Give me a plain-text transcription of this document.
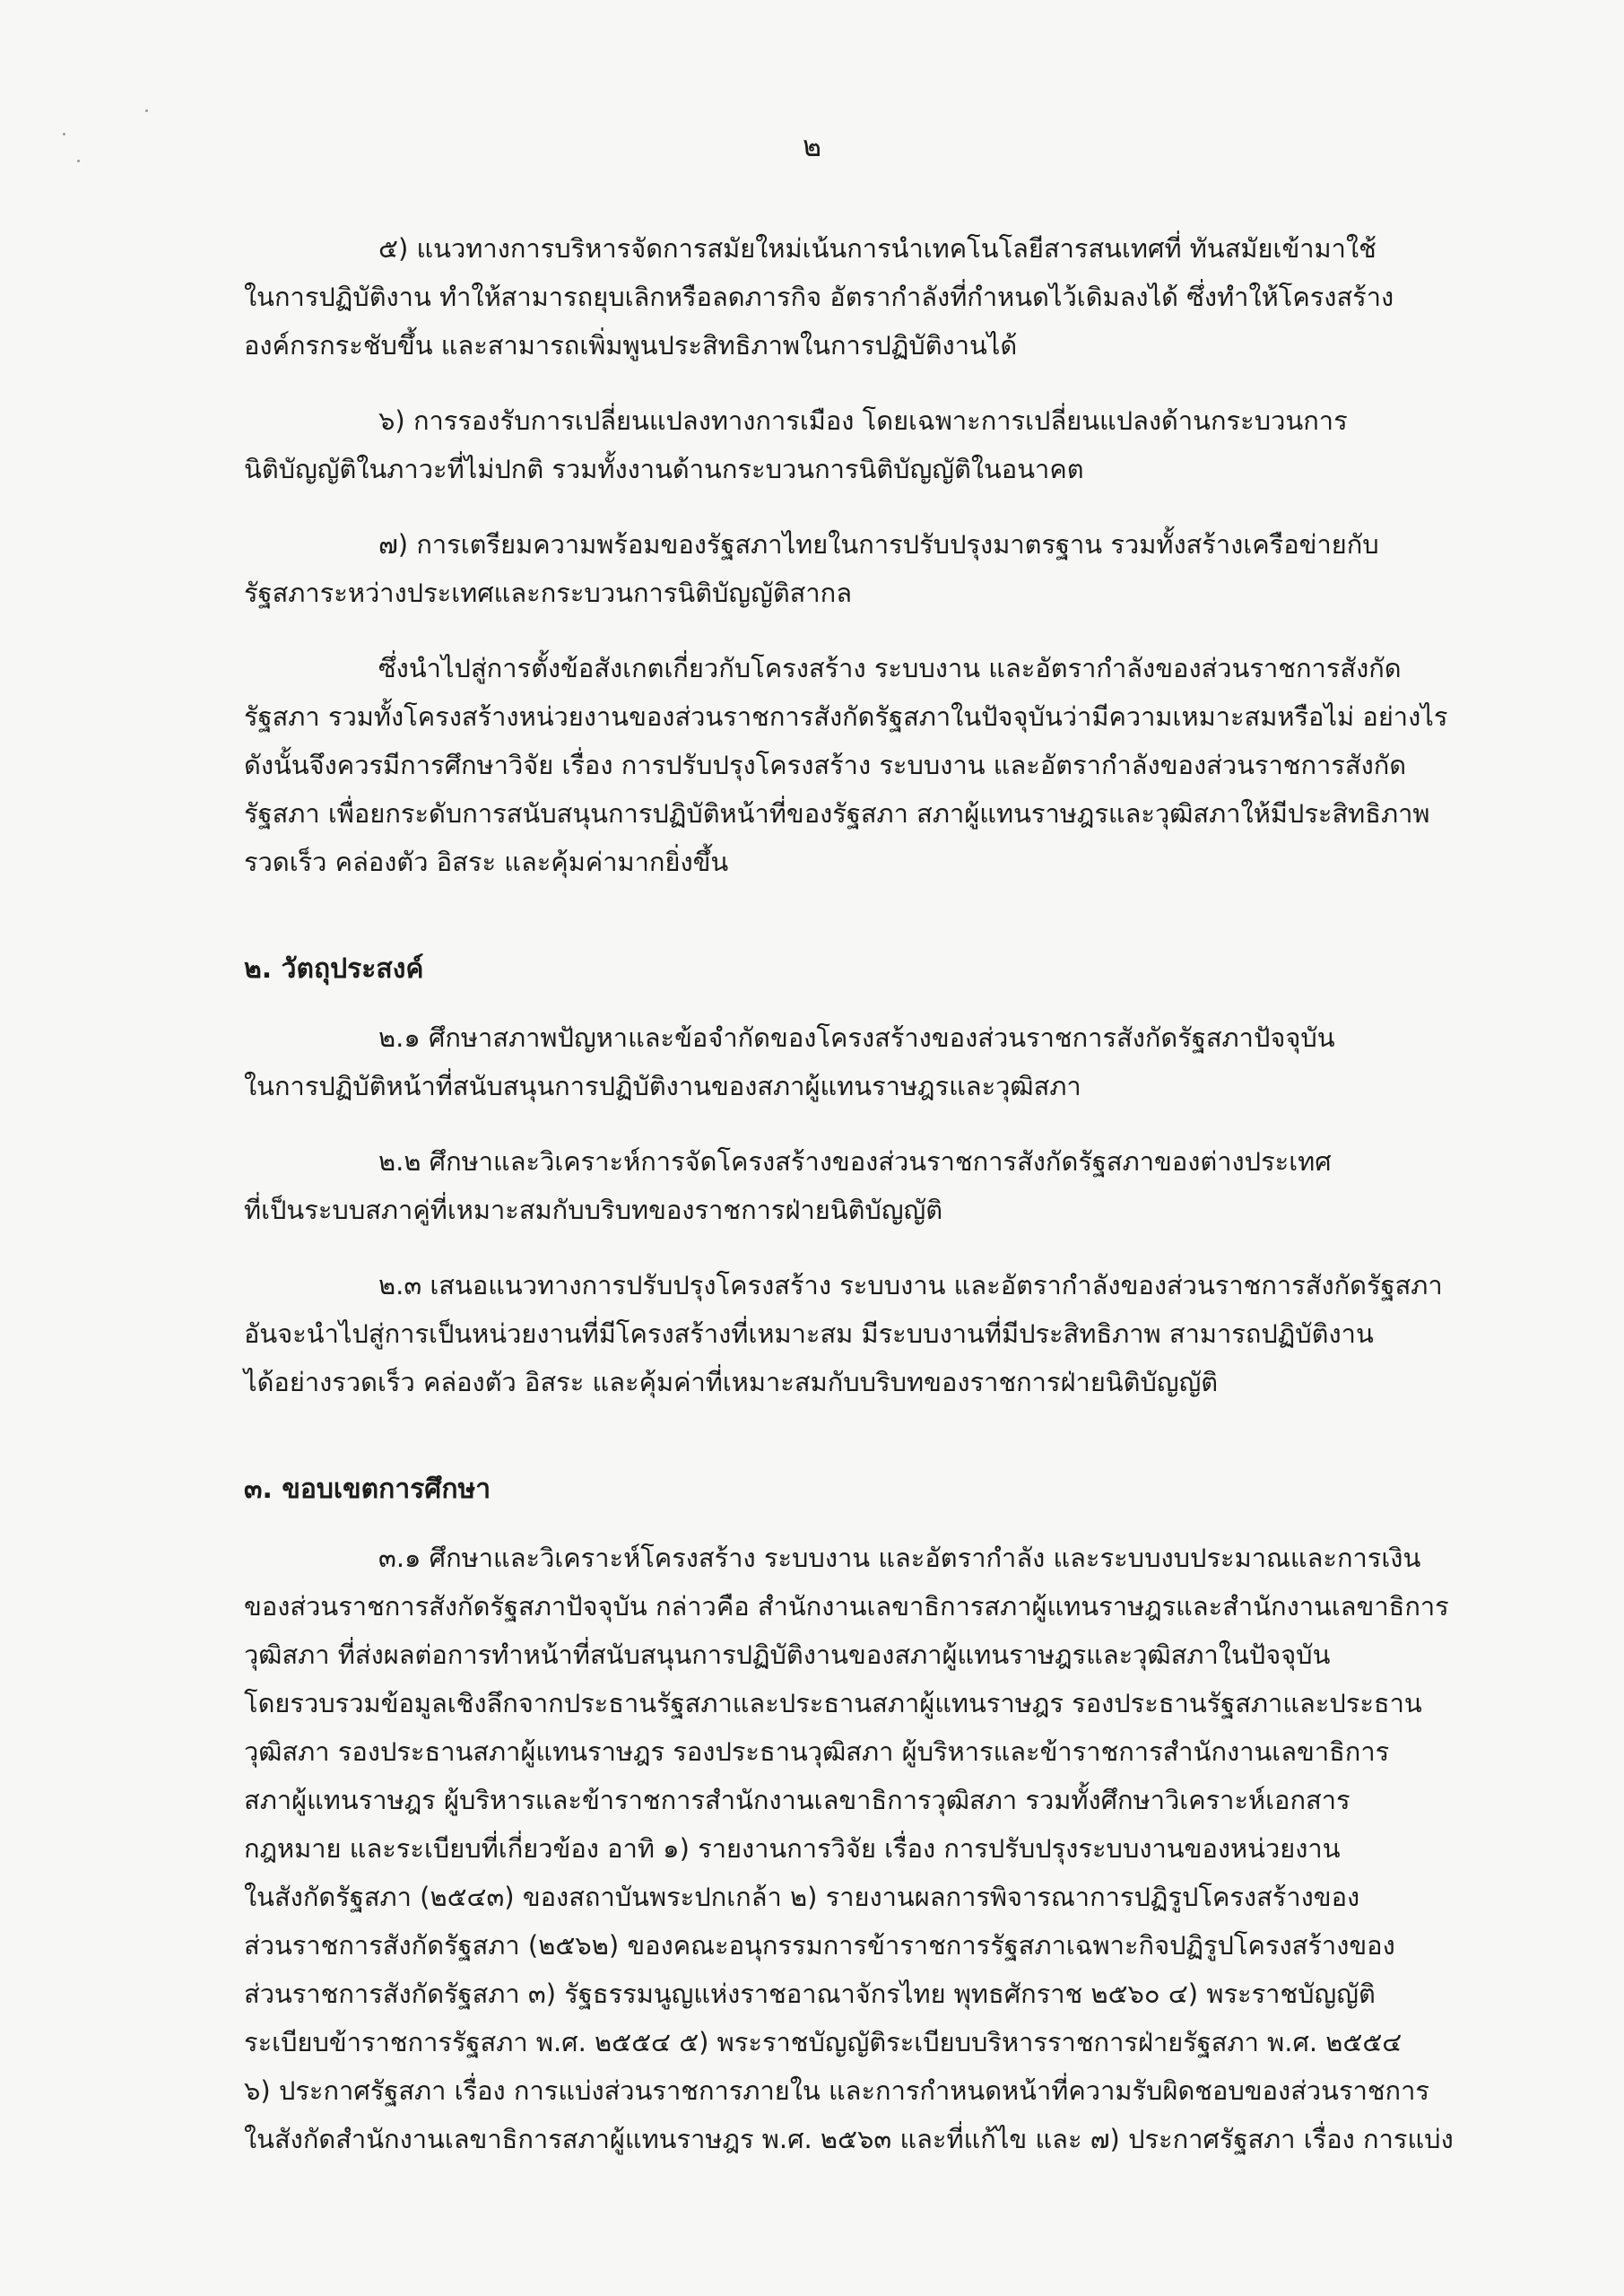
๒
๕) แนวทางการบริหารจัดการสมัยใหม่เน้นการนำเทคโนโลยีสารสนเทศที่ ทันสมัยเข้ามาใช้
ในการปฏิบัติงาน ทำให้สามารถยุบเลิกหรือลดภารกิจ อัตรากำลังที่กำหนดไว้เดิมลงได้ ซึ่งทำให้โครงสร้าง
องค์กรกระชับขึ้น และสามารถเพิ่มพูนประสิทธิภาพในการปฏิบัติงานได้
๖) การรองรับการเปลี่ยนแปลงทางการเมือง โดยเฉพาะการเปลี่ยนแปลงด้านกระบวนการ
นิติบัญญัติในภาวะที่ไม่ปกติ รวมทั้งงานด้านกระบวนการนิติบัญญัติในอนาคต
๗) การเตรียมความพร้อมของรัฐสภาไทยในการปรับปรุงมาตรฐาน รวมทั้งสร้างเครือข่ายกับ
รัฐสภาระหว่างประเทศและกระบวนการนิติบัญญัติสากล
ซึ่งนำไปสู่การตั้งข้อสังเกตเกี่ยวกับโครงสร้าง ระบบงาน และอัตรากำลังของส่วนราชการสังกัด
รัฐสภา รวมทั้งโครงสร้างหน่วยงานของส่วนราชการสังกัดรัฐสภาในปัจจุบันว่ามีความเหมาะสมหรือไม่ อย่างไร
ดังนั้นจึงควรมีการศึกษาวิจัย เรื่อง การปรับปรุงโครงสร้าง ระบบงาน และอัตรากำลังของส่วนราชการสังกัด
รัฐสภา เพื่อยกระดับการสนับสนุนการปฏิบัติหน้าที่ของรัฐสภา สภาผู้แทนราษฎรและวุฒิสภาให้มีประสิทธิภาพ
รวดเร็ว คล่องตัว อิสระ และคุ้มค่ามากยิ่งขึ้น
๒. วัตถุประสงค์
๒.๑ ศึกษาสภาพปัญหาและข้อจำกัดของโครงสร้างของส่วนราชการสังกัดรัฐสภาปัจจุบัน
ในการปฏิบัติหน้าที่สนับสนุนการปฏิบัติงานของสภาผู้แทนราษฎรและวุฒิสภา
๒.๒ ศึกษาและวิเคราะห์การจัดโครงสร้างของส่วนราชการสังกัดรัฐสภาของต่างประเทศ
ที่เป็นระบบสภาคู่ที่เหมาะสมกับบริบทของราชการฝ่ายนิติบัญญัติ
๒.๓ เสนอแนวทางการปรับปรุงโครงสร้าง ระบบงาน และอัตรากำลังของส่วนราชการสังกัดรัฐสภา
อันจะนำไปสู่การเป็นหน่วยงานที่มีโครงสร้างที่เหมาะสม มีระบบงานที่มีประสิทธิภาพ สามารถปฏิบัติงาน
ได้อย่างรวดเร็ว คล่องตัว อิสระ และคุ้มค่าที่เหมาะสมกับบริบทของราชการฝ่ายนิติบัญญัติ
๓. ขอบเขตการศึกษา
๓.๑ ศึกษาและวิเคราะห์โครงสร้าง ระบบงาน และอัตรากำลัง และระบบงบประมาณและการเงิน
ของส่วนราชการสังกัดรัฐสภาปัจจุบัน กล่าวคือ สำนักงานเลขาธิการสภาผู้แทนราษฎรและสำนักงานเลขาธิการ
วุฒิสภา ที่ส่งผลต่อการทำหน้าที่สนับสนุนการปฏิบัติงานของสภาผู้แทนราษฎรและวุฒิสภาในปัจจุบัน
โดยรวบรวมข้อมูลเชิงลึกจากประธานรัฐสภาและประธานสภาผู้แทนราษฎร รองประธานรัฐสภาและประธาน
วุฒิสภา รองประธานสภาผู้แทนราษฎร รองประธานวุฒิสภา ผู้บริหารและข้าราชการสำนักงานเลขาธิการ
สภาผู้แทนราษฎร ผู้บริหารและข้าราชการสำนักงานเลขาธิการวุฒิสภา รวมทั้งศึกษาวิเคราะห์เอกสาร
กฎหมาย และระเบียบที่เกี่ยวข้อง อาทิ ๑) รายงานการวิจัย เรื่อง การปรับปรุงระบบงานของหน่วยงาน
ในสังกัดรัฐสภา (๒๕๔๓) ของสถาบันพระปกเกล้า ๒) รายงานผลการพิจารณาการปฏิรูปโครงสร้างของ
ส่วนราชการสังกัดรัฐสภา (๒๕๖๒) ของคณะอนุกรรมการข้าราชการรัฐสภาเฉพาะกิจปฏิรูปโครงสร้างของ
ส่วนราชการสังกัดรัฐสภา ๓) รัฐธรรมนูญแห่งราชอาณาจักรไทย พุทธศักราช ๒๕๖๐ ๔) พระราชบัญญัติ
ระเบียบข้าราชการรัฐสภา พ.ศ. ๒๕๕๔ ๕) พระราชบัญญัติระเบียบบริหารราชการฝ่ายรัฐสภา พ.ศ. ๒๕๕๔
๖) ประกาศรัฐสภา เรื่อง การแบ่งส่วนราชการภายใน และการกำหนดหน้าที่ความรับผิดชอบของส่วนราชการ
ในสังกัดสำนักงานเลขาธิการสภาผู้แทนราษฎร พ.ศ. ๒๕๖๓ และที่แก้ไข และ ๗) ประกาศรัฐสภา เรื่อง การแบ่ง
